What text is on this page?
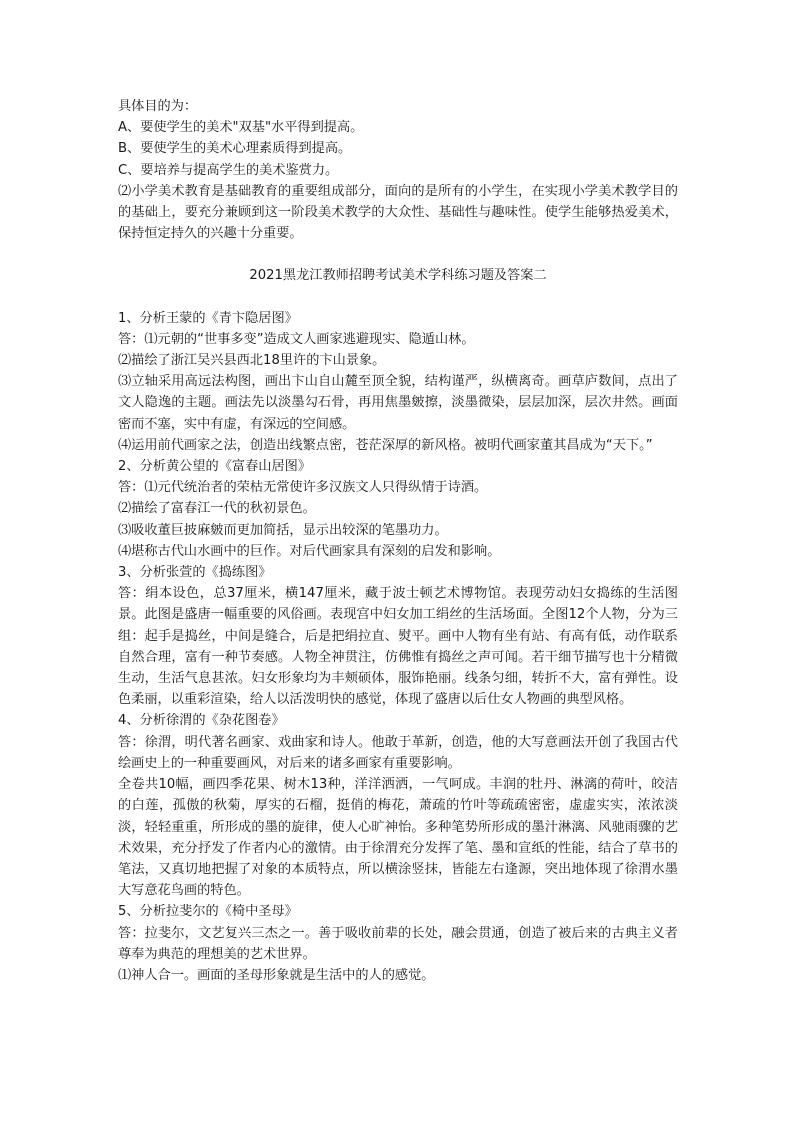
具体目的为：

A、要使学生的美术"双基"水平得到提高。

B、要使学生的美术心理素质得到提高。

C、要培养与提高学生的美术鉴赏力。

⑵小学美术教育是基础教育的重要组成部分，面向的是所有的小学生，在实现小学美术教学目的的基础上，要充分兼顾到这一阶段美术教学的大众性、基础性与趣味性。使学生能够热爱美术，保持恒定持久的兴趣十分重要。

2021黑龙江教师招聘考试美术学科练习题及答案二

1、分析王蒙的《青卞隐居图》

答：⑴元朝的“世事多变”造成文人画家逃避现实、隐遁山林。

⑵描绘了浙江吴兴县西北18里许的卞山景象。

⑶立轴采用高远法构图，画出卞山自山麓至顶全貌，结构谨严，纵横离奇。画草庐数间，点出了文人隐逸的主题。画法先以淡墨勾石骨，再用焦墨皴擦，淡墨微染，层层加深，层次井然。画面密而不塞，实中有虚，有深远的空间感。

⑷运用前代画家之法，创造出线繁点密，苍茫深厚的新风格。被明代画家董其昌成为“天下。”

2、分析黄公望的《富春山居图》

答：⑴元代统治者的荣枯无常使许多汉族文人只得纵情于诗酒。

⑵描绘了富春江一代的秋初景色。

⑶吸收董巨披麻皴而更加简括，显示出较深的笔墨功力。

⑷堪称古代山水画中的巨作。对后代画家具有深刻的启发和影响。

3、分析张萱的《捣练图》

答：绢本设色，总37厘米，横147厘米，藏于波士顿艺术博物馆。表现劳动妇女捣练的生活图景。此图是盛唐一幅重要的风俗画。表现宫中妇女加工绢丝的生活场面。全图12个人物，分为三组：起手是捣丝，中间是缝合，后是把绢拉直、熨平。画中人物有坐有站、有高有低，动作联系自然合理，富有一种节奏感。人物全神贯注，仿佛惟有捣丝之声可闻。若干细节描写也十分精微生动，生活气息甚浓。妇女形象均为丰颊硕体，服饰艳丽。线条匀细，转折不大，富有弹性。设色柔丽，以重彩渲染，给人以活泼明快的感觉，体现了盛唐以后仕女人物画的典型风格。

4、分析徐渭的《杂花图卷》

答：徐渭，明代著名画家、戏曲家和诗人。他敢于革新，创造，他的大写意画法开创了我国古代绘画史上的一种重要画风，对后来的诸多画家有重要影响。

全卷共10幅，画四季花果、树木13种，洋洋洒洒，一气呵成。丰润的牡丹、淋漓的荷叶，皎洁的白莲，孤傲的秋菊，厚实的石榴，挺俏的梅花，萧疏的竹叶等疏疏密密，虚虚实实，浓浓淡淡，轻轻重重，所形成的墨的旋律，使人心旷神怡。多种笔势所形成的墨汁淋漓、风驰雨骤的艺术效果，充分抒发了作者内心的激情。由于徐渭充分发挥了笔、墨和宣纸的性能，结合了草书的笔法，又真切地把握了对象的本质特点，所以横涂竖抹，皆能左右逢源，突出地体现了徐渭水墨大写意花鸟画的特色。

5、分析拉斐尔的《椅中圣母》

答：拉斐尔，文艺复兴三杰之一。善于吸收前辈的长处，融会贯通，创造了被后来的古典主义者尊奉为典范的理想美的艺术世界。

⑴神人合一。画面的圣母形象就是生活中的人的感觉。
